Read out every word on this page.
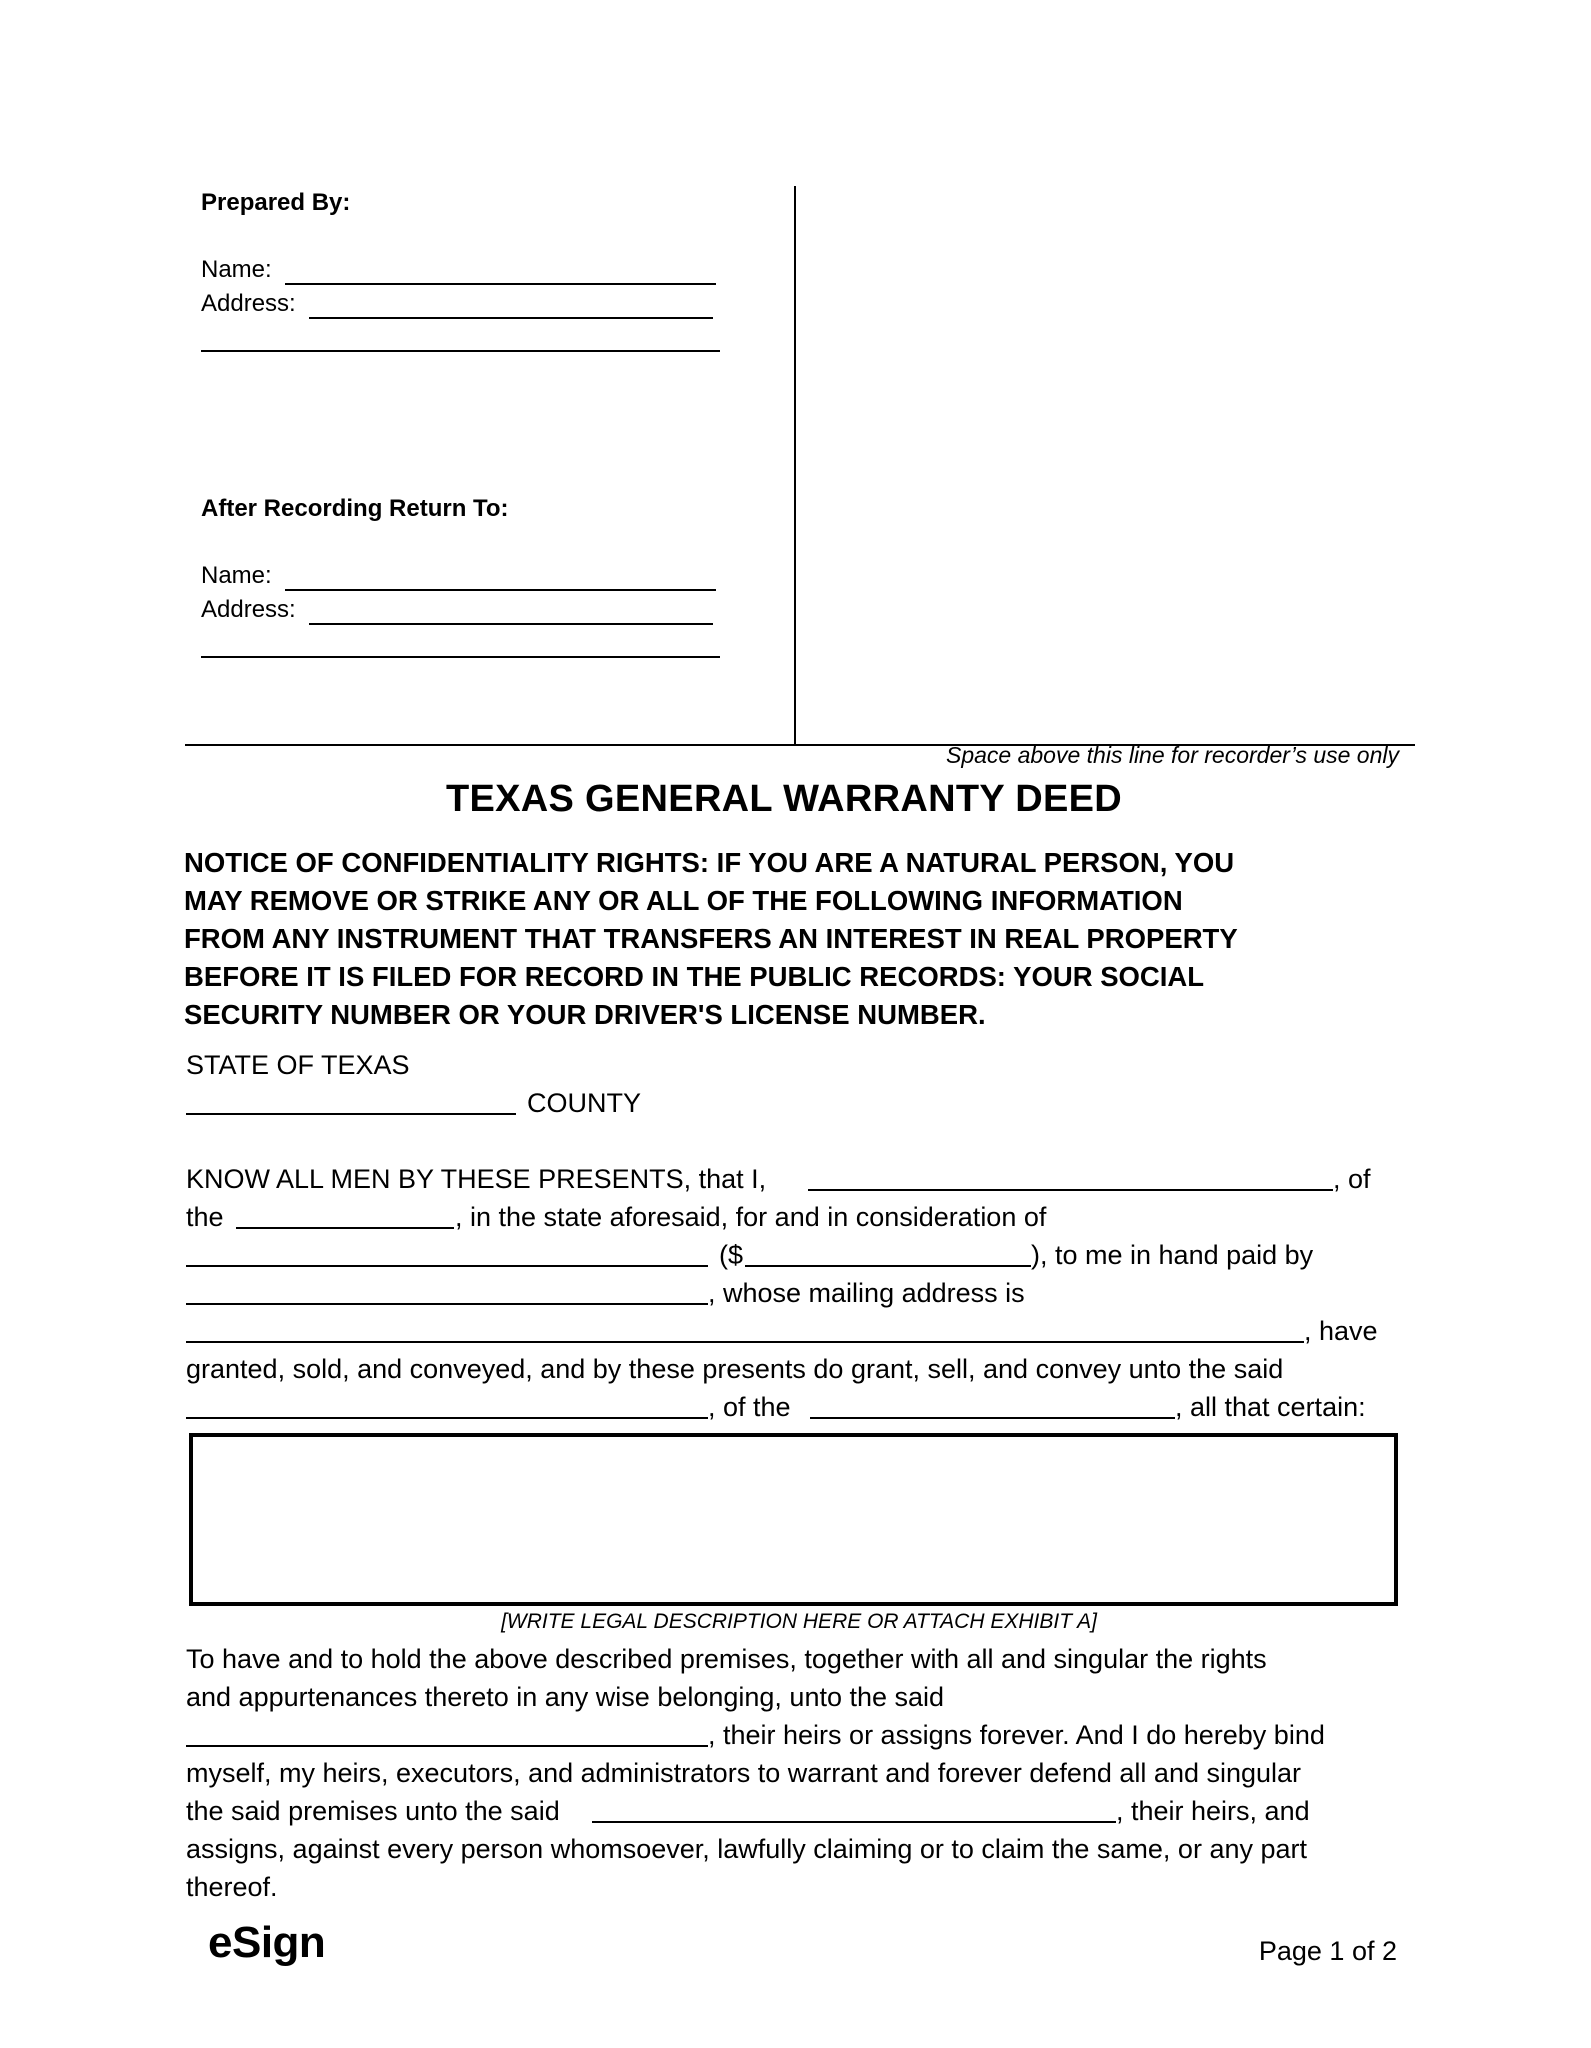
Prepared By:
Name:
Address:
After Recording Return To:
Name:
Address:
Space above this line for recorder’s use only
TEXAS GENERAL WARRANTY DEED
NOTICE OF CONFIDENTIALITY RIGHTS: IF YOU ARE A NATURAL PERSON, YOU
MAY REMOVE OR STRIKE ANY OR ALL OF THE FOLLOWING INFORMATION
FROM ANY INSTRUMENT THAT TRANSFERS AN INTEREST IN REAL PROPERTY
BEFORE IT IS FILED FOR RECORD IN THE PUBLIC RECORDS: YOUR SOCIAL
SECURITY NUMBER OR YOUR DRIVER'S LICENSE NUMBER.
STATE OF TEXAS
COUNTY
KNOW ALL MEN BY THESE PRESENTS, that I,	, of
the	, in the state aforesaid, for and in consideration of
( $	), to me in hand paid by
, whose mailing address is
, have
granted, sold, and conveyed, and by these presents do grant, sell, and convey unto the said
, of the	, all that certain:
[WRITE LEGAL DESCRIPTION HERE OR ATTACH EXHIBIT A]
To have and to hold the above described premises, together with all and singular the rights
and appurtenances thereto in any wise belonging, unto the said
, their heirs or assigns forever. And I do hereby bind
myself, my heirs, executors, and administrators to warrant and forever defend all and singular
the said premises unto the said	, their heirs, and
assigns, against every person whomsoever, lawfully claiming or to claim the same, or any part
thereof.
eSign	Page 1 of 2
